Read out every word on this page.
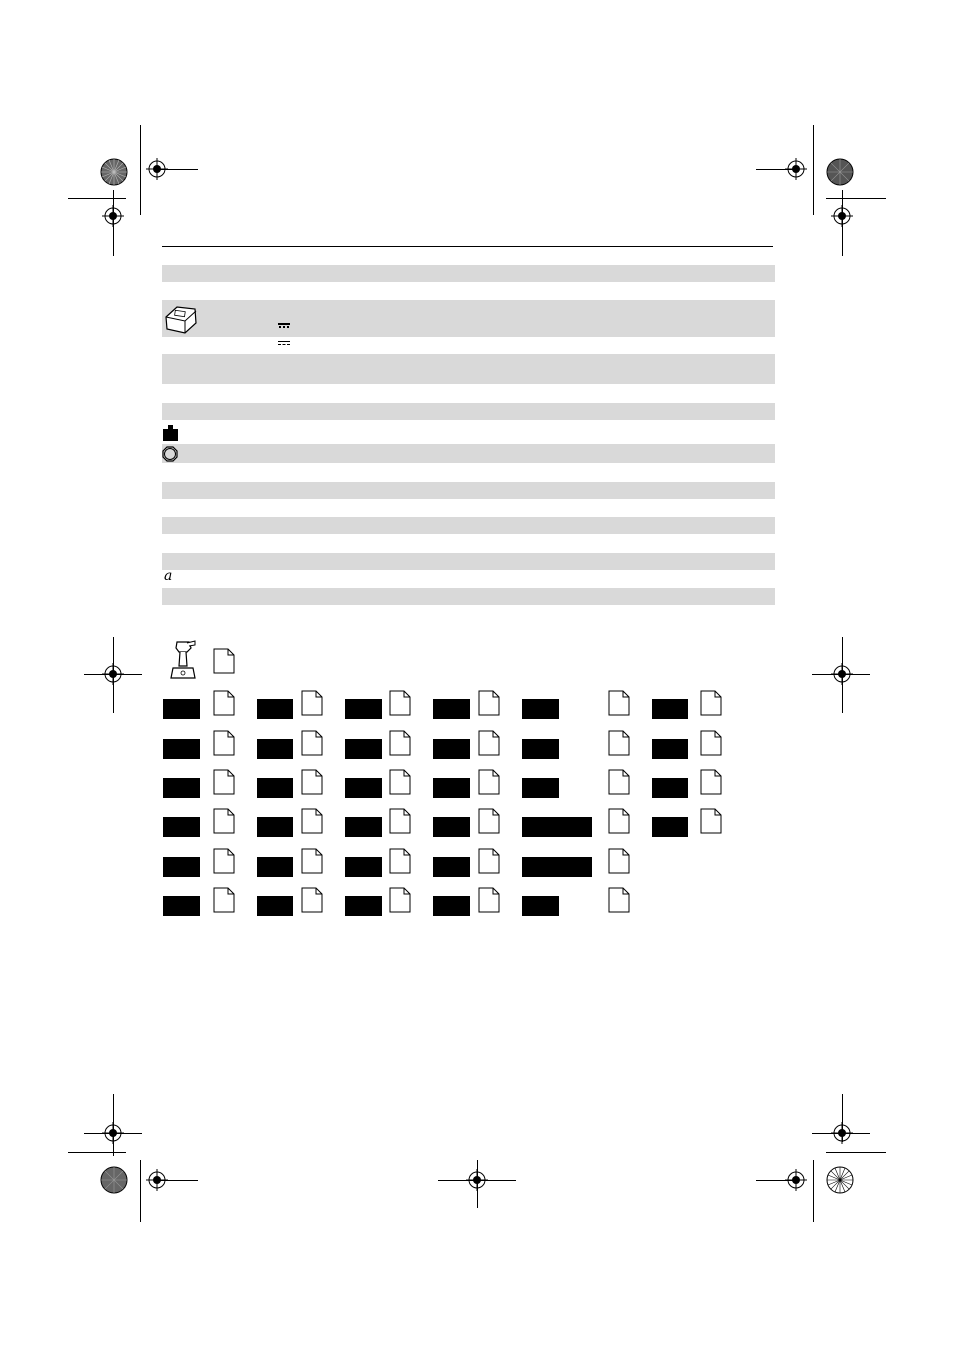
a
